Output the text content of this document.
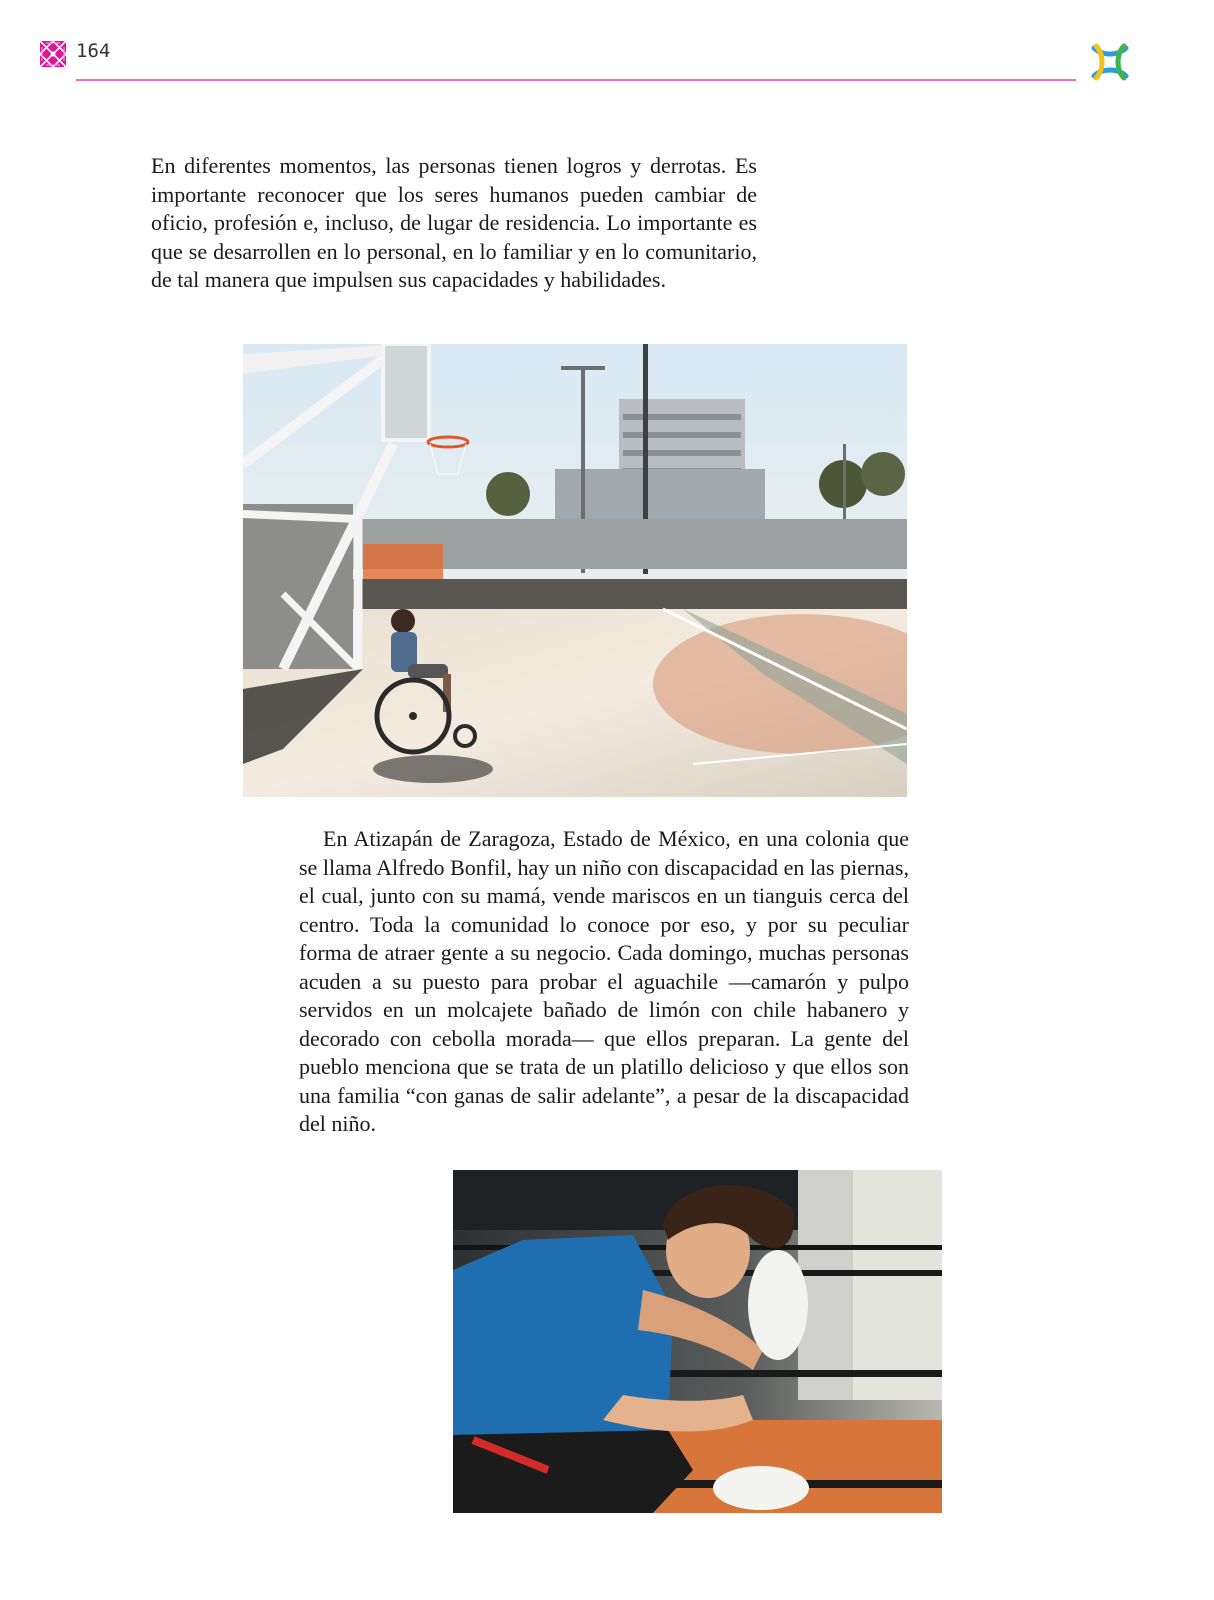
164

En diferentes momentos, las personas tienen logros y derrotas. Es importante reconocer que los seres humanos pueden cambiar de oficio, profesión e, incluso, de lugar de residencia. Lo importante es que se desarrollen en lo personal, en lo familiar y en lo comunitario, de tal manera que impulsen sus capacidades y habilidades.

En Atizapán de Zaragoza, Estado de México, en una colonia que se llama Alfredo Bonfil, hay un niño con discapacidad en las piernas, el cual, junto con su mamá, vende mariscos en un tianguis cerca del centro. Toda la comunidad lo conoce por eso, y por su peculiar forma de atraer gente a su negocio. Cada domingo, muchas personas acuden a su puesto para probar el aguachile —camarón y pulpo servidos en un molcajete bañado de limón con chile habanero y decorado con cebolla morada— que ellos preparan. La gente del pueblo menciona que se trata de un platillo delicioso y que ellos son una familia “con ganas de salir adelante”, a pesar de la discapacidad del niño.
